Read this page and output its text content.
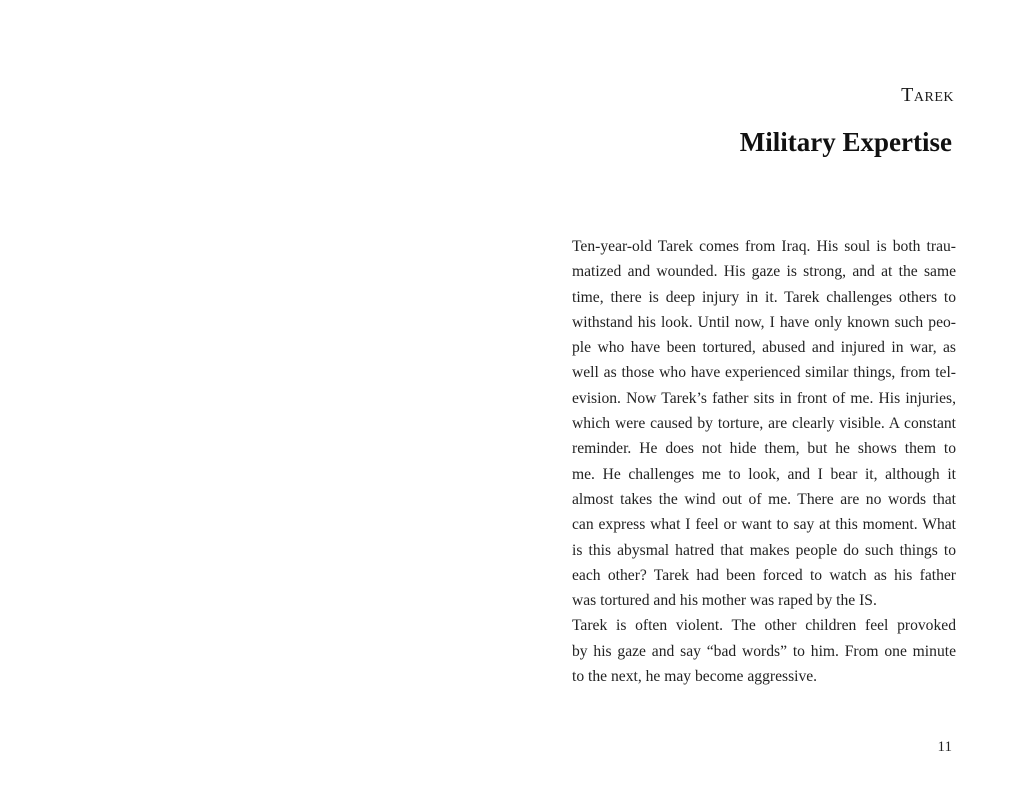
Tarek

Military Expertise
Ten-year-old Tarek comes from Iraq. His soul is both trau-
matized and wounded. His gaze is strong, and at the same
time, there is deep injury in it. Tarek challenges others to
withstand his look. Until now, I have only known such peo-
ple who have been tortured, abused and injured in war, as
well as those who have experienced similar things, from tel-
evision. Now Tarek’s father sits in front of me. His injuries,
which were caused by torture, are clearly visible. A constant
reminder. He does not hide them, but he shows them to
me. He challenges me to look, and I bear it, although it
almost takes the wind out of me. There are no words that
can express what I feel or want to say at this moment. What
is this abysmal hatred that makes people do such things to
each other? Tarek had been forced to watch as his father
was tortured and his mother was raped by the IS.
Tarek is often violent. The other children feel provoked
by his gaze and say “bad words” to him. From one minute
to the next, he may become aggressive.

11
